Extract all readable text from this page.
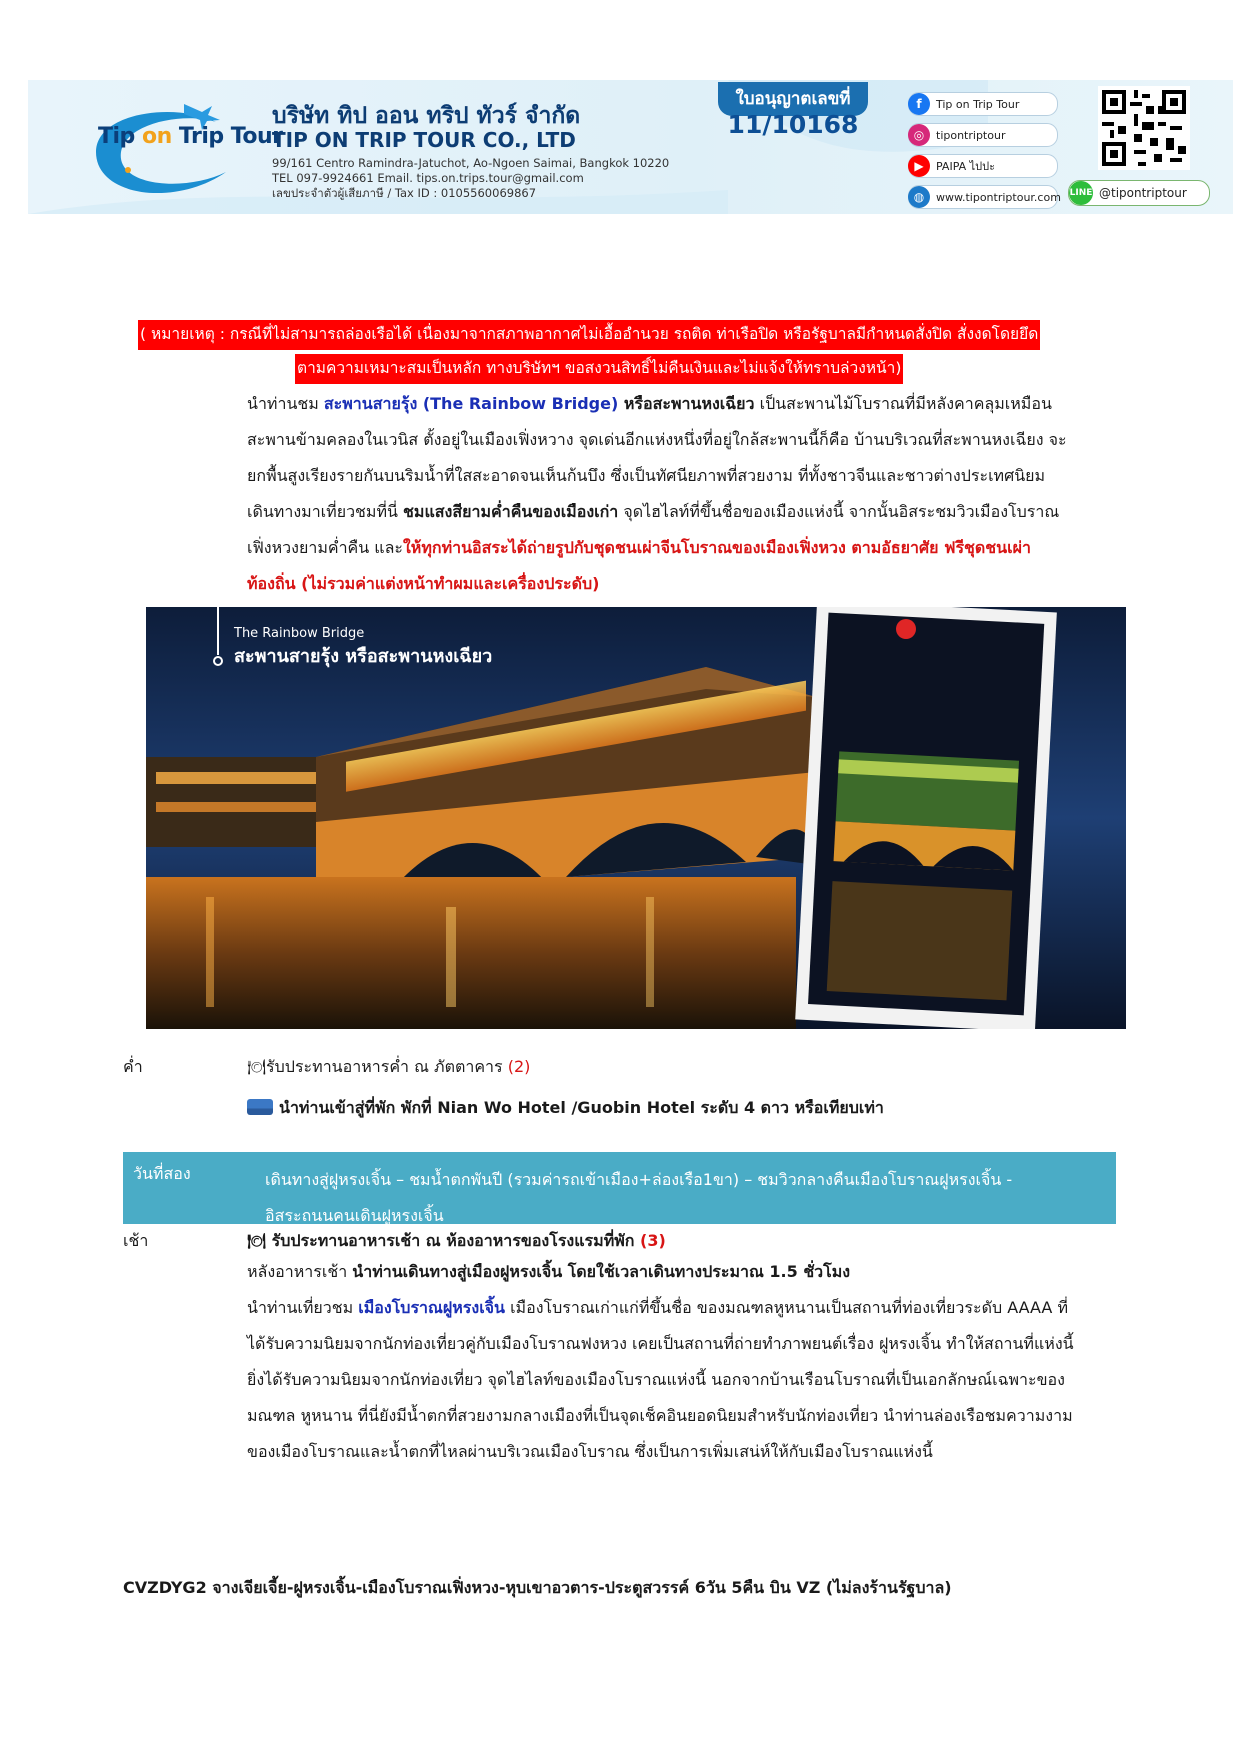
Tip on Trip Tour
บริษัท ทิป ออน ทริป ทัวร์ จำกัด
TIP ON TRIP TOUR CO., LTD
99/161 Centro Ramindra-Jatuchot, Ao-Ngoen Saimai, Bangkok 10220
TEL 097-9924661 Email. tips.on.trips.tour@gmail.com
เลขประจำตัวผู้เสียภาษี / Tax ID : 0105560069867
ใบอนุญาตเลขที่
11/10168
f	Tip on Trip Tour
◎	tipontriptour
▶	PAIPA ไปปะ
◍	www.tipontriptour.com LINE @tipontriptour
( หมายเหตุ : กรณีที่ไม่สามารถล่องเรือได้ เนื่องมาจากสภาพอากาศไม่เอื้ออำนวย รถติด ท่าเรือปิด หรือรัฐบาลมีกำหนดสั่งปิด สั่งงดโดยยึด
ตามความเหมาะสมเป็นหลัก ทางบริษัทฯ ขอสงวนสิทธิ์ไม่คืนเงินและไม่แจ้งให้ทราบล่วงหน้า)
นำท่านชม สะพานสายรุ้ง (The Rainbow Bridge) หรือสะพานหงเฉียว เป็นสะพานไม้โบราณที่มีหลังคาคลุมเหมือน
สะพานข้ามคลองในเวนิส ตั้งอยู่ในเมืองเฟิ่งหวาง จุดเด่นอีกแห่งหนึ่งที่อยู่ใกล้สะพานนี้ก็คือ บ้านบริเวณที่สะพานหงเฉียง จะ
ยกพื้นสูงเรียงรายกันบนริมน้ำที่ใสสะอาดจนเห็นก้นบึง ซึ่งเป็นทัศนียภาพที่สวยงาม ที่ทั้งชาวจีนและชาวต่างประเทศนิยม
เดินทางมาเที่ยวชมที่นี่ ชมแสงสียามค่ำคืนของเมืองเก่า จุดไฮไลท์ที่ขึ้นชื่อของเมืองแห่งนี้ จากนั้นอิสระชมวิวเมืองโบราณ
เฟิ่งหวงยามค่ำคืน และให้ทุกท่านอิสระได้ถ่ายรูปกับชุดชนเผ่าจีนโบราณของเมืองเฟิ่งหวง ตามอัธยาศัย ฟรีชุดชนเผ่า
ท้องถิ่น (ไม่รวมค่าแต่งหน้าทำผมและเครื่องประดับ)
The Rainbow Bridge
สะพานสายรุ้ง หรือสะพานหงเฉียว
ค่ำ	🍽รับประทานอาหารค่ำ ณ ภัตตาคาร (2)
นำท่านเข้าสู่ที่พัก พักที่ Nian Wo Hotel /Guobin Hotel ระดับ 4 ดาว หรือเทียบเท่า
วันที่สอง	เดินทางสู่ฝูหรงเจิ้น – ชมน้ำตกพันปี (รวมค่ารถเข้าเมือง+ล่องเรือ1ขา) – ชมวิวกลางคืนเมืองโบราณฝูหรงเจิ้น -
อิสระถนนคนเดินฝูหรงเจิ้น
เช้า	🍽 รับประทานอาหารเช้า ณ ห้องอาหารของโรงแรมที่พัก (3)
หลังอาหารเช้า นำท่านเดินทางสู่เมืองฝูหรงเจิ้น โดยใช้เวลาเดินทางประมาณ 1.5 ชั่วโมง
นำท่านเที่ยวชม เมืองโบราณฝูหรงเจิ้น เมืองโบราณเก่าแก่ที่ขึ้นชื่อ ของมณฑลหูหนานเป็นสถานที่ท่องเที่ยวระดับ AAAA ที่
ได้รับความนิยมจากนักท่องเที่ยวคู่กับเมืองโบราณฟงหวง เคยเป็นสถานที่ถ่ายทำภาพยนต์เรื่อง ฝูหรงเจิ้น ทำให้สถานที่แห่งนี้
ยิ่งได้รับความนิยมจากนักท่องเที่ยว จุดไฮไลท์ของเมืองโบราณแห่งนี้ นอกจากบ้านเรือนโบราณที่เป็นเอกลักษณ์เฉพาะของ
มณฑล หูหนาน ที่นี่ยังมีน้ำตกที่สวยงามกลางเมืองที่เป็นจุดเช็คอินยอดนิยมสำหรับนักท่องเที่ยว นำท่านล่องเรือชมความงาม
ของเมืองโบราณและน้ำตกที่ไหลผ่านบริเวณเมืองโบราณ ซึ่งเป็นการเพิ่มเสน่ห์ให้กับเมืองโบราณแห่งนี้
CVZDYG2 จางเจียเจี้ย-ฝูหรงเจิ้น-เมืองโบราณเฟิ่งหวง-หุบเขาอวตาร-ประตูสวรรค์ 6วัน 5คืน บิน VZ (ไม่ลงร้านรัฐบาล)
